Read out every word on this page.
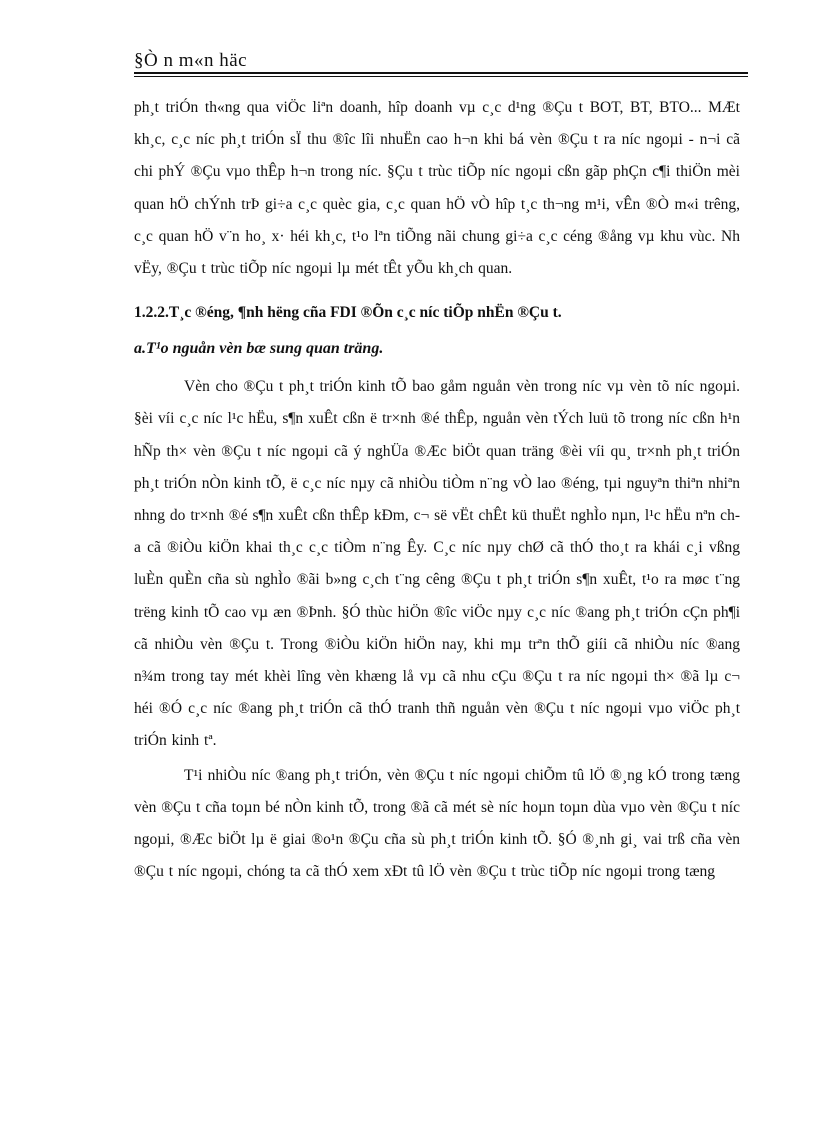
§Ò n m«n häc

ph¸t triÓn th«ng qua viÖc liªn doanh, hîp doanh vµ c¸c d¹ng ®Çu t BOT, BT, BTO... MÆt kh¸c, c¸c níc ph¸t triÓn sÏ thu ®îc lîi nhuËn cao h¬n khi bá vèn ®Çu t ra níc ngoµi - n¬i cã chi phÝ ®Çu vµo thÊp h¬n trong níc. §Çu t trùc tiÕp níc ngoµi cßn gãp phÇn c¶i thiÖn mèi quan hÖ chÝnh trÞ gi÷a c¸c quèc gia, c¸c quan hÖ vÒ hîp t¸c th¬ng m¹i, vÊn ®Ò m«i trêng, c¸c quan hÖ v¨n ho¸ x· héi kh¸c, t¹o lªn tiÕng nãi chung gi÷a c¸c céng ®ång vµ khu vùc. Nh vËy, ®Çu t trùc tiÕp níc ngoµi lµ mét tÊt yÕu kh¸ch quan.

1.2.2.T¸c ®éng, ¶nh hëng cña FDI ®Õn c¸c níc tiÕp nhËn ®Çu t.
a.T¹o nguån vèn bæ sung quan träng.

Vèn cho ®Çu t ph¸t triÓn kinh tÕ bao gåm nguån vèn trong níc vµ vèn tõ níc ngoµi. §èi víi c¸c níc l¹c hËu, s¶n xuÊt cßn ë tr×nh ®é thÊp, nguån vèn tÝch luü tõ trong níc cßn h¹n hÑp th× vèn ®Çu t níc ngoµi cã ý nghÜa ®Æc biÖt quan träng ®èi víi qu¸ tr×nh ph¸t triÓn ph¸t triÓn nÒn kinh tÕ, ë c¸c níc nµy cã nhiÒu tiÒm n¨ng vÒ lao ®éng, tµi nguyªn thiªn nhiªn nhng do tr×nh ®é s¶n xuÊt cßn thÊp kÐm, c¬ së vËt chÊt kü thuËt nghÌo nµn, l¹c hËu nªn cha cã ®iÒu kiÖn khai th¸c c¸c tiÒm n¨ng Êy. C¸c níc nµy chØ cã thÓ tho¸t ra khái c¸i vßng luÈn quÈn cña sù nghÌo ®ãi b»ng c¸ch t¨ng cêng ®Çu t ph¸t triÓn s¶n xuÊt, t¹o ra møc t¨ng trëng kinh tÕ cao vµ æn ®Þnh. §Ó thùc hiÖn ®îc viÖc nµy c¸c níc ®ang ph¸t triÓn cÇn ph¶i cã nhiÒu vèn ®Çu t. Trong ®iÒu kiÖn hiÖn nay, khi mµ trªn thÕ giíi cã nhiÒu níc ®ang n¾m trong tay mét khèi lîng vèn khæng lå vµ cã nhu cÇu ®Çu t ra níc ngoµi th× ®ã lµ c¬ héi ®Ó c¸c níc ®ang ph¸t triÓn cã thÓ tranh thñ nguån vèn ®Çu t níc ngoµi vµo viÖc ph¸t triÓn kinh tª.

T¹i nhiÒu níc ®ang ph¸t triÓn, vèn ®Çu t níc ngoµi chiÕm tû lÖ ®¸ng kÓ trong tæng vèn ®Çu t cña toµn bé nÒn kinh tÕ, trong ®ã cã mét sè níc hoµn toµn dùa vµo vèn ®Çu t níc ngoµi, ®Æc biÖt lµ ë giai ®o¹n ®Çu cña sù ph¸t triÓn kinh tÕ. §Ó ®¸nh gi¸ vai trß cña vèn ®Çu t níc ngoµi, chóng ta cã thÓ xem xÐt tû lÖ vèn ®Çu t trùc tiÕp níc ngoµi trong tæng
